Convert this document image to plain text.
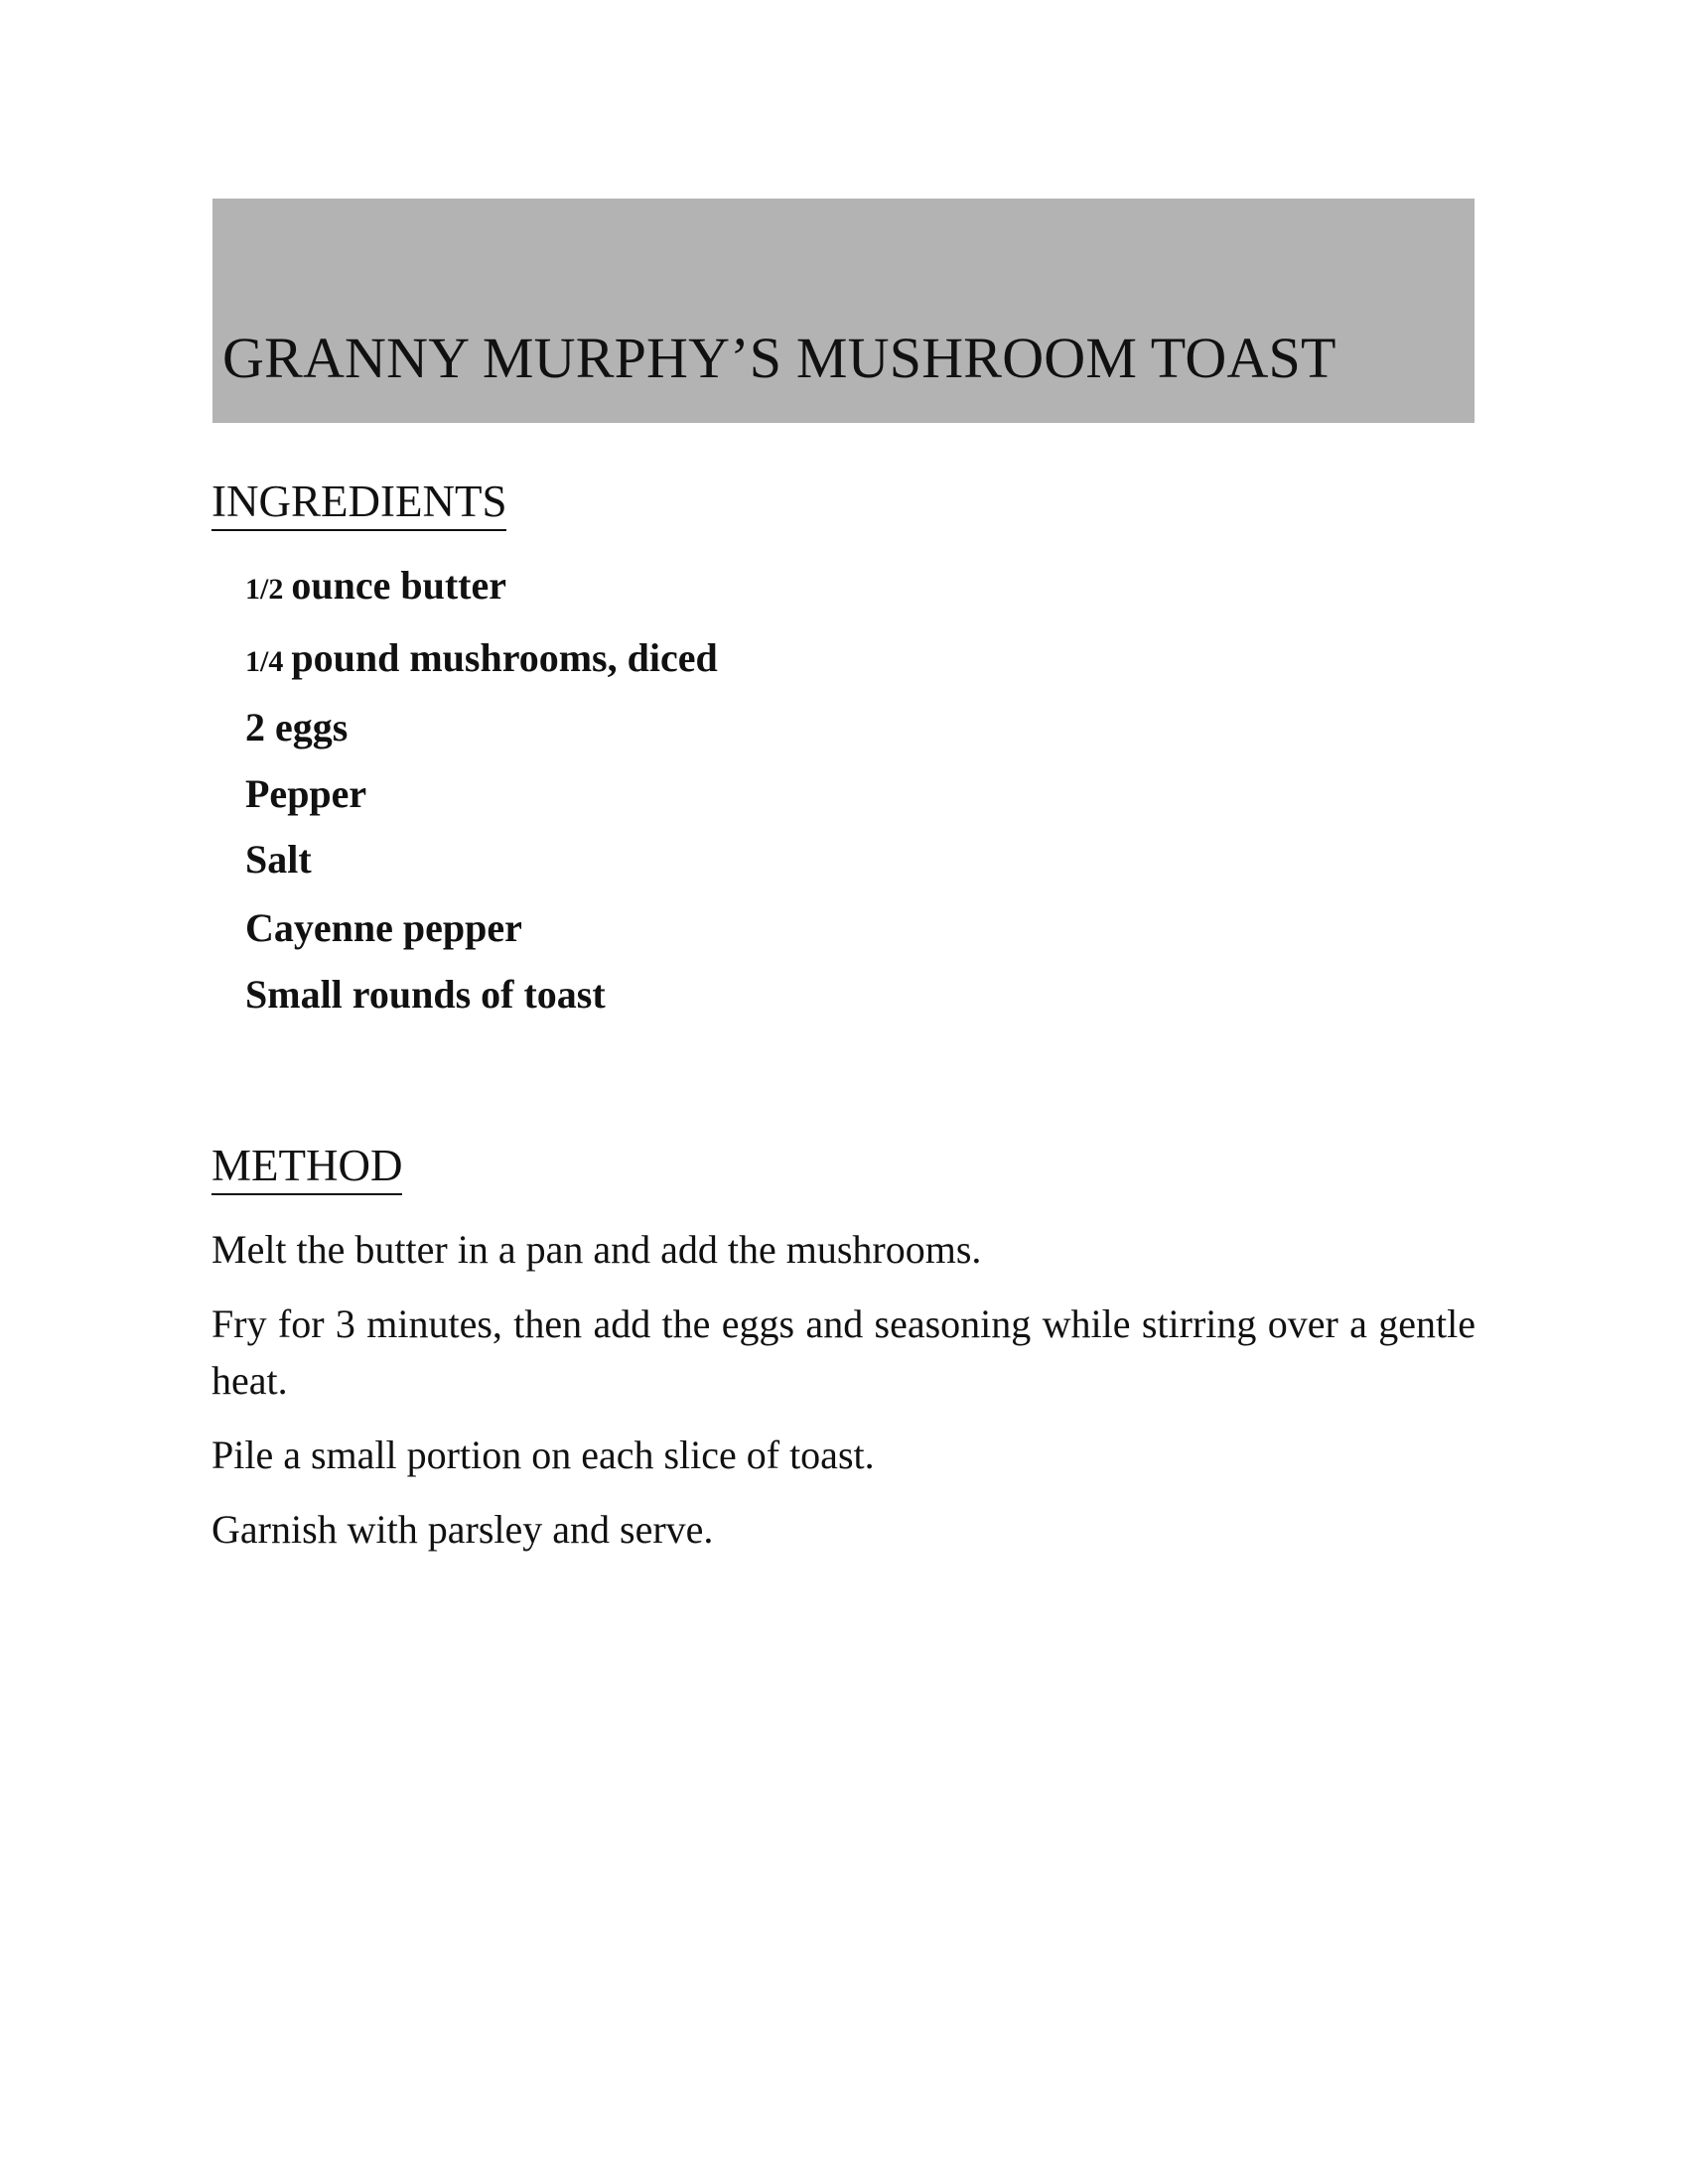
GRANNY MURPHY’S MUSHROOM TOAST
INGREDIENTS
1/2 ounce butter
1/4 pound mushrooms, diced
2 eggs
Pepper
Salt
Cayenne pepper
Small rounds of toast
METHOD

Melt the butter in a pan and add the mushrooms.

Fry for 3 minutes, then add the eggs and seasoning while stirring over a gentle heat.

Pile a small portion on each slice of toast.

Garnish with parsley and serve.
